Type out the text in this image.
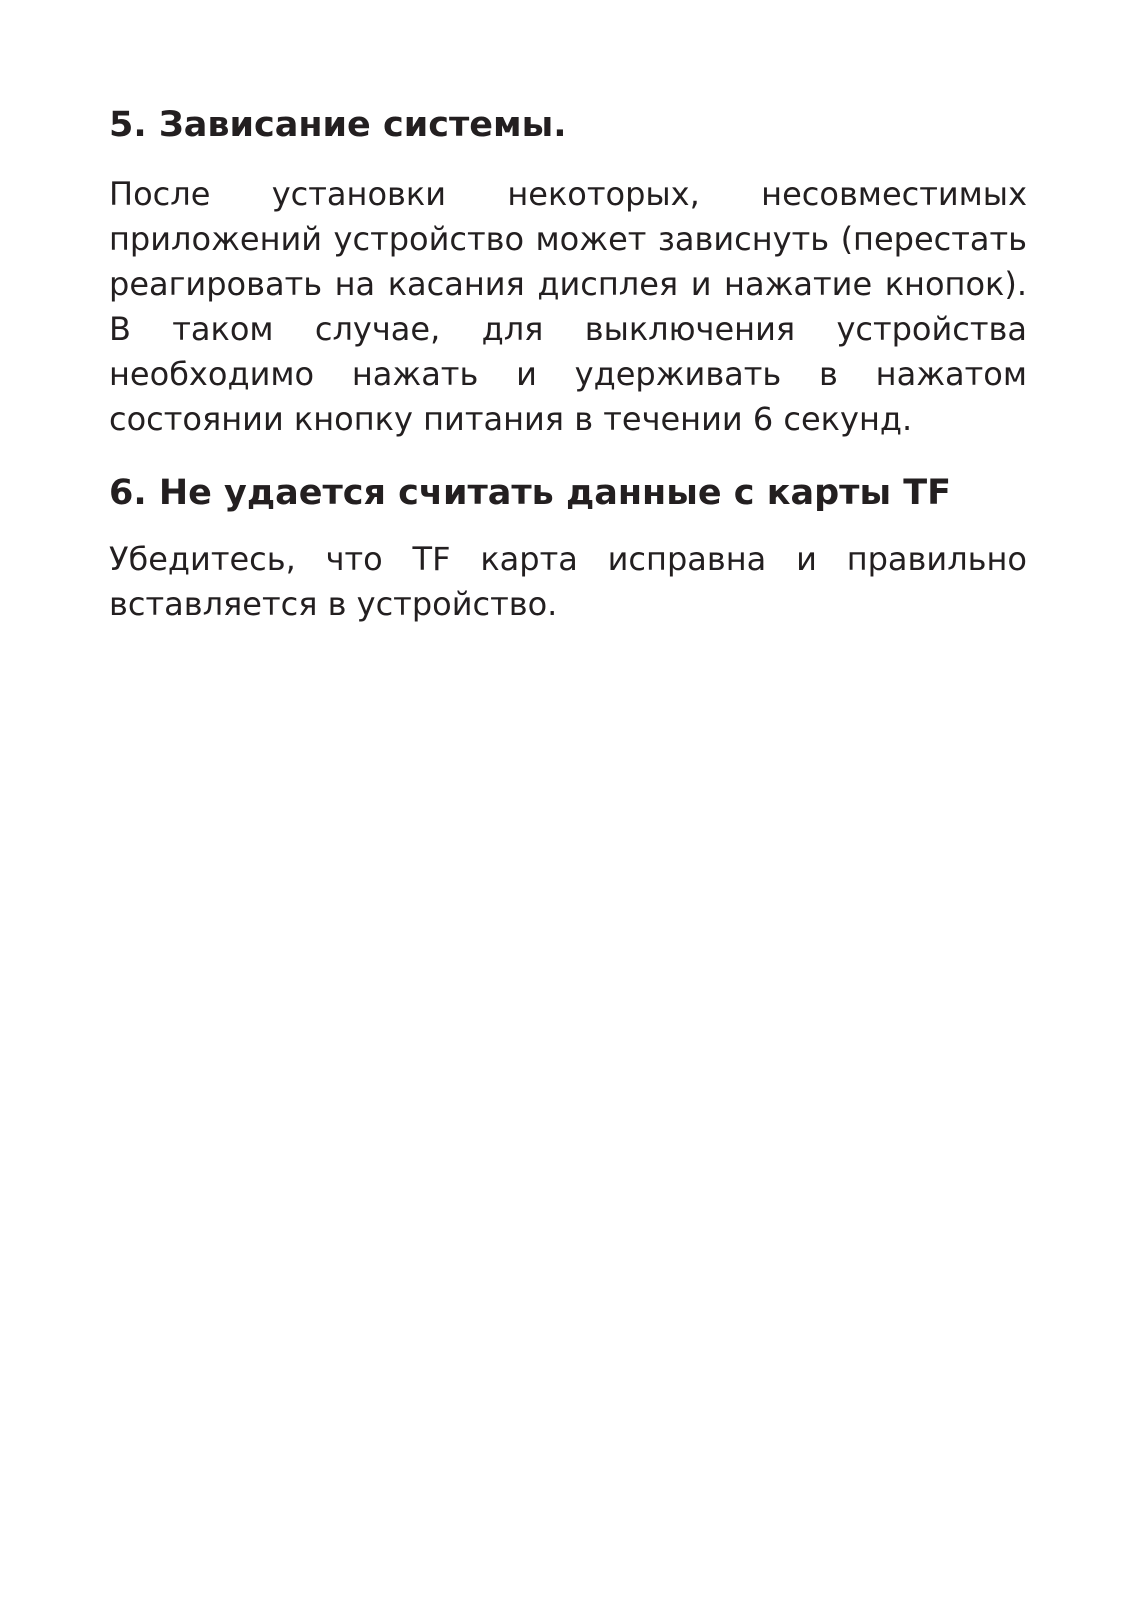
5. Зависание системы.

После установки некоторых, несовместимых приложений устройство может зависнуть (перестать реагировать на касания дисплея и нажатие кнопок). В таком случае, для выключения устройства необходимо нажать и удерживать в нажатом состоянии кнопку питания в течении 6 секунд.

6. Не удается считать данные с карты TF

Убедитесь, что TF карта исправна и правильно вставляется в устройство.
